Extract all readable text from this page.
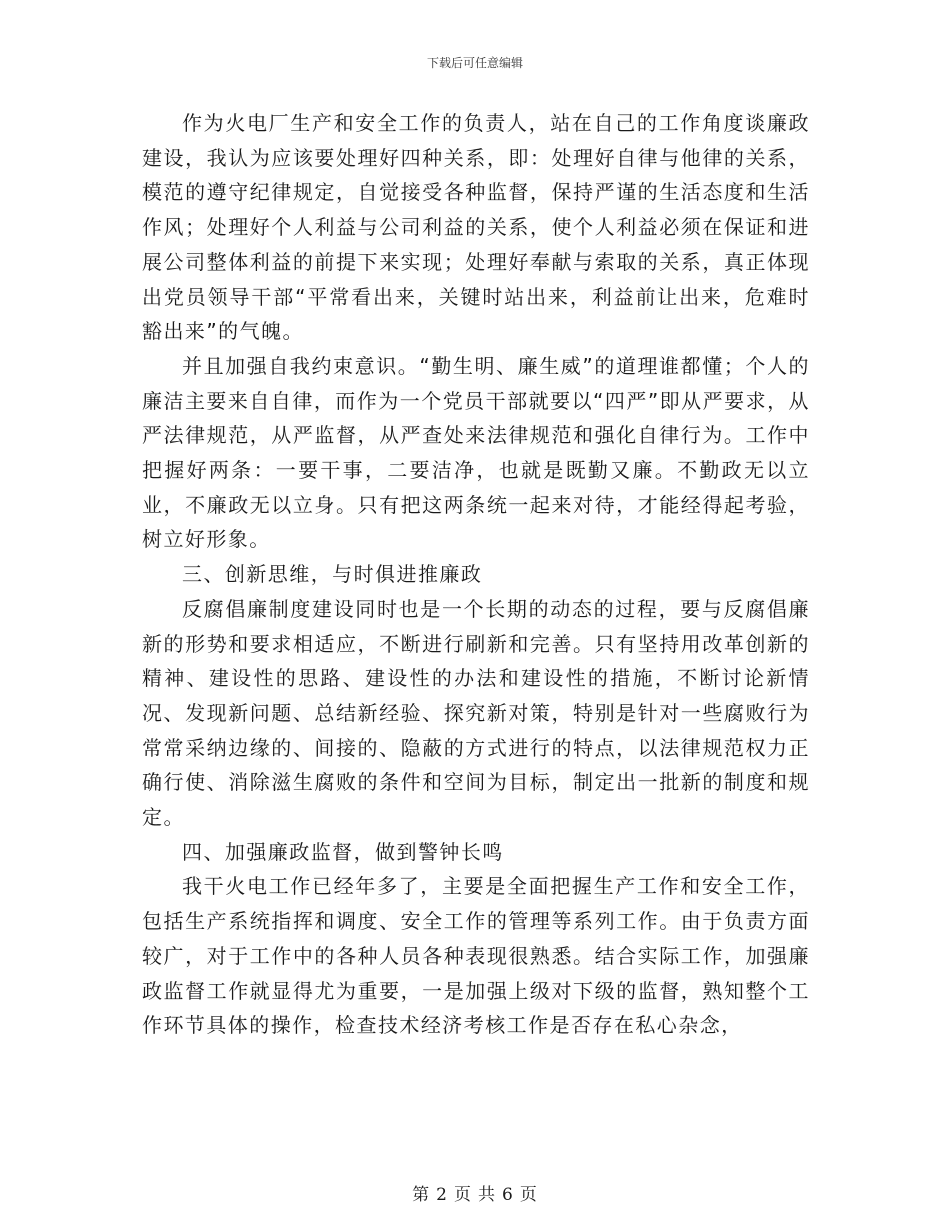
下载后可任意编辑

作为火电厂生产和安全工作的负责人，站在自己的工作角度谈廉政建设，我认为应该要处理好四种关系，即：处理好自律与他律的关系，模范的遵守纪律规定，自觉接受各种监督，保持严谨的生活态度和生活作风；处理好个人利益与公司利益的关系，使个人利益必须在保证和进展公司整体利益的前提下来实现；处理好奉献与索取的关系，真正体现出党员领导干部“平常看出来，关键时站出来，利益前让出来，危难时豁出来”的气魄。

并且加强自我约束意识。“勤生明、廉生威”的道理谁都懂；个人的廉洁主要来自自律，而作为一个党员干部就要以“四严”即从严要求，从严法律规范，从严监督，从严查处来法律规范和强化自律行为。工作中把握好两条：一要干事，二要洁净，也就是既勤又廉。不勤政无以立业，不廉政无以立身。只有把这两条统一起来对待，才能经得起考验，树立好形象。

三、创新思维，与时俱进推廉政

反腐倡廉制度建设同时也是一个长期的动态的过程，要与反腐倡廉新的形势和要求相适应，不断进行刷新和完善。只有坚持用改革创新的精神、建设性的思路、建设性的办法和建设性的措施，不断讨论新情况、发现新问题、总结新经验、探究新对策，特别是针对一些腐败行为常常采纳边缘的、间接的、隐蔽的方式进行的特点，以法律规范权力正确行使、消除滋生腐败的条件和空间为目标，制定出一批新的制度和规定。

四、加强廉政监督，做到警钟长鸣

我干火电工作已经年多了，主要是全面把握生产工作和安全工作，包括生产系统指挥和调度、安全工作的管理等系列工作。由于负责方面较广，对于工作中的各种人员各种表现很熟悉。结合实际工作，加强廉政监督工作就显得尤为重要，一是加强上级对下级的监督，熟知整个工作环节具体的操作，检查技术经济考核工作是否存在私心杂念，

第 2 页 共 6 页
